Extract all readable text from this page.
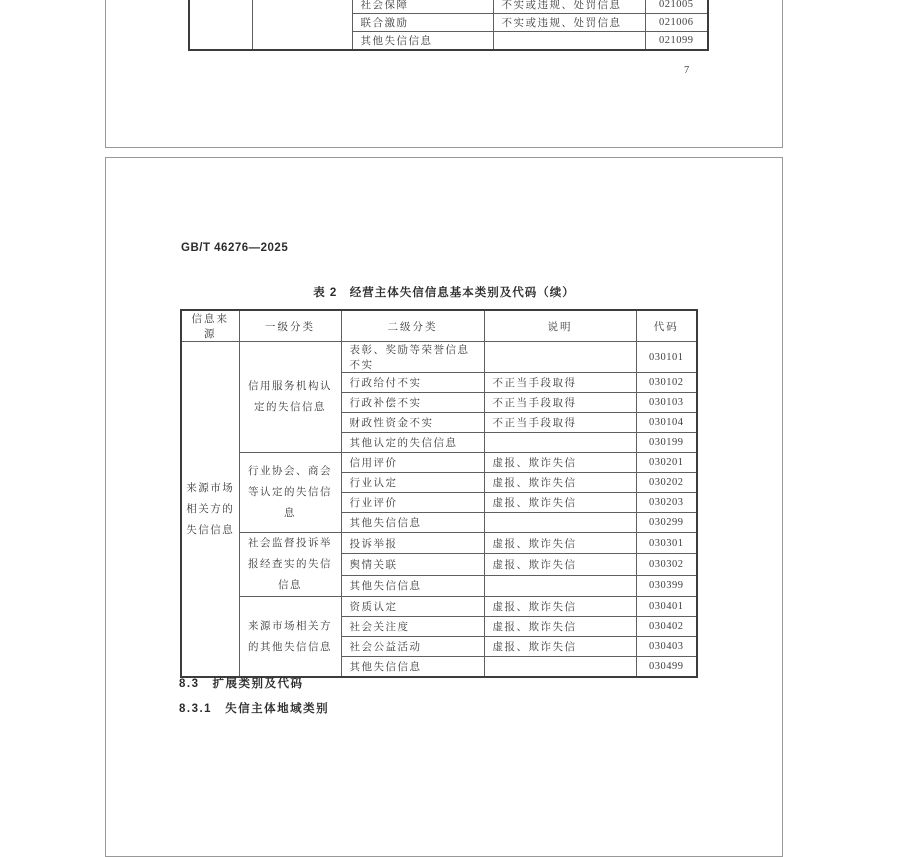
		社会保障	不实或违规、处罚信息	021005
		联合激励	不实或违规、处罚信息	021006
		其他失信信息		021099
7
GB/T 46276—2025
表 2　经营主体失信信息基本类别及代码（续）
信息来源	一级分类	二级分类	说明	代码
来源市场相关方的失信信息	信用服务机构认定的失信信息	表彰、奖励等荣誉信息不实		030101
		行政给付不实	不正当手段取得	030102
		行政补偿不实	不正当手段取得	030103
		财政性资金不实	不正当手段取得	030104
		其他认定的失信信息		030199
	行业协会、商会等认定的失信信息	信用评价	虚报、欺诈失信	030201
		行业认定	虚报、欺诈失信	030202
		行业评价	虚报、欺诈失信	030203
		其他失信信息		030299
	社会监督投诉举报经查实的失信信息	投诉举报	虚报、欺诈失信	030301
		舆情关联	虚报、欺诈失信	030302
		其他失信信息		030399
	来源市场相关方的其他失信信息	资质认定	虚报、欺诈失信	030401
		社会关注度	虚报、欺诈失信	030402
		社会公益活动	虚报、欺诈失信	030403
		其他失信信息		030499
8.3 扩展类别及代码
8.3.1 失信主体地域类别
